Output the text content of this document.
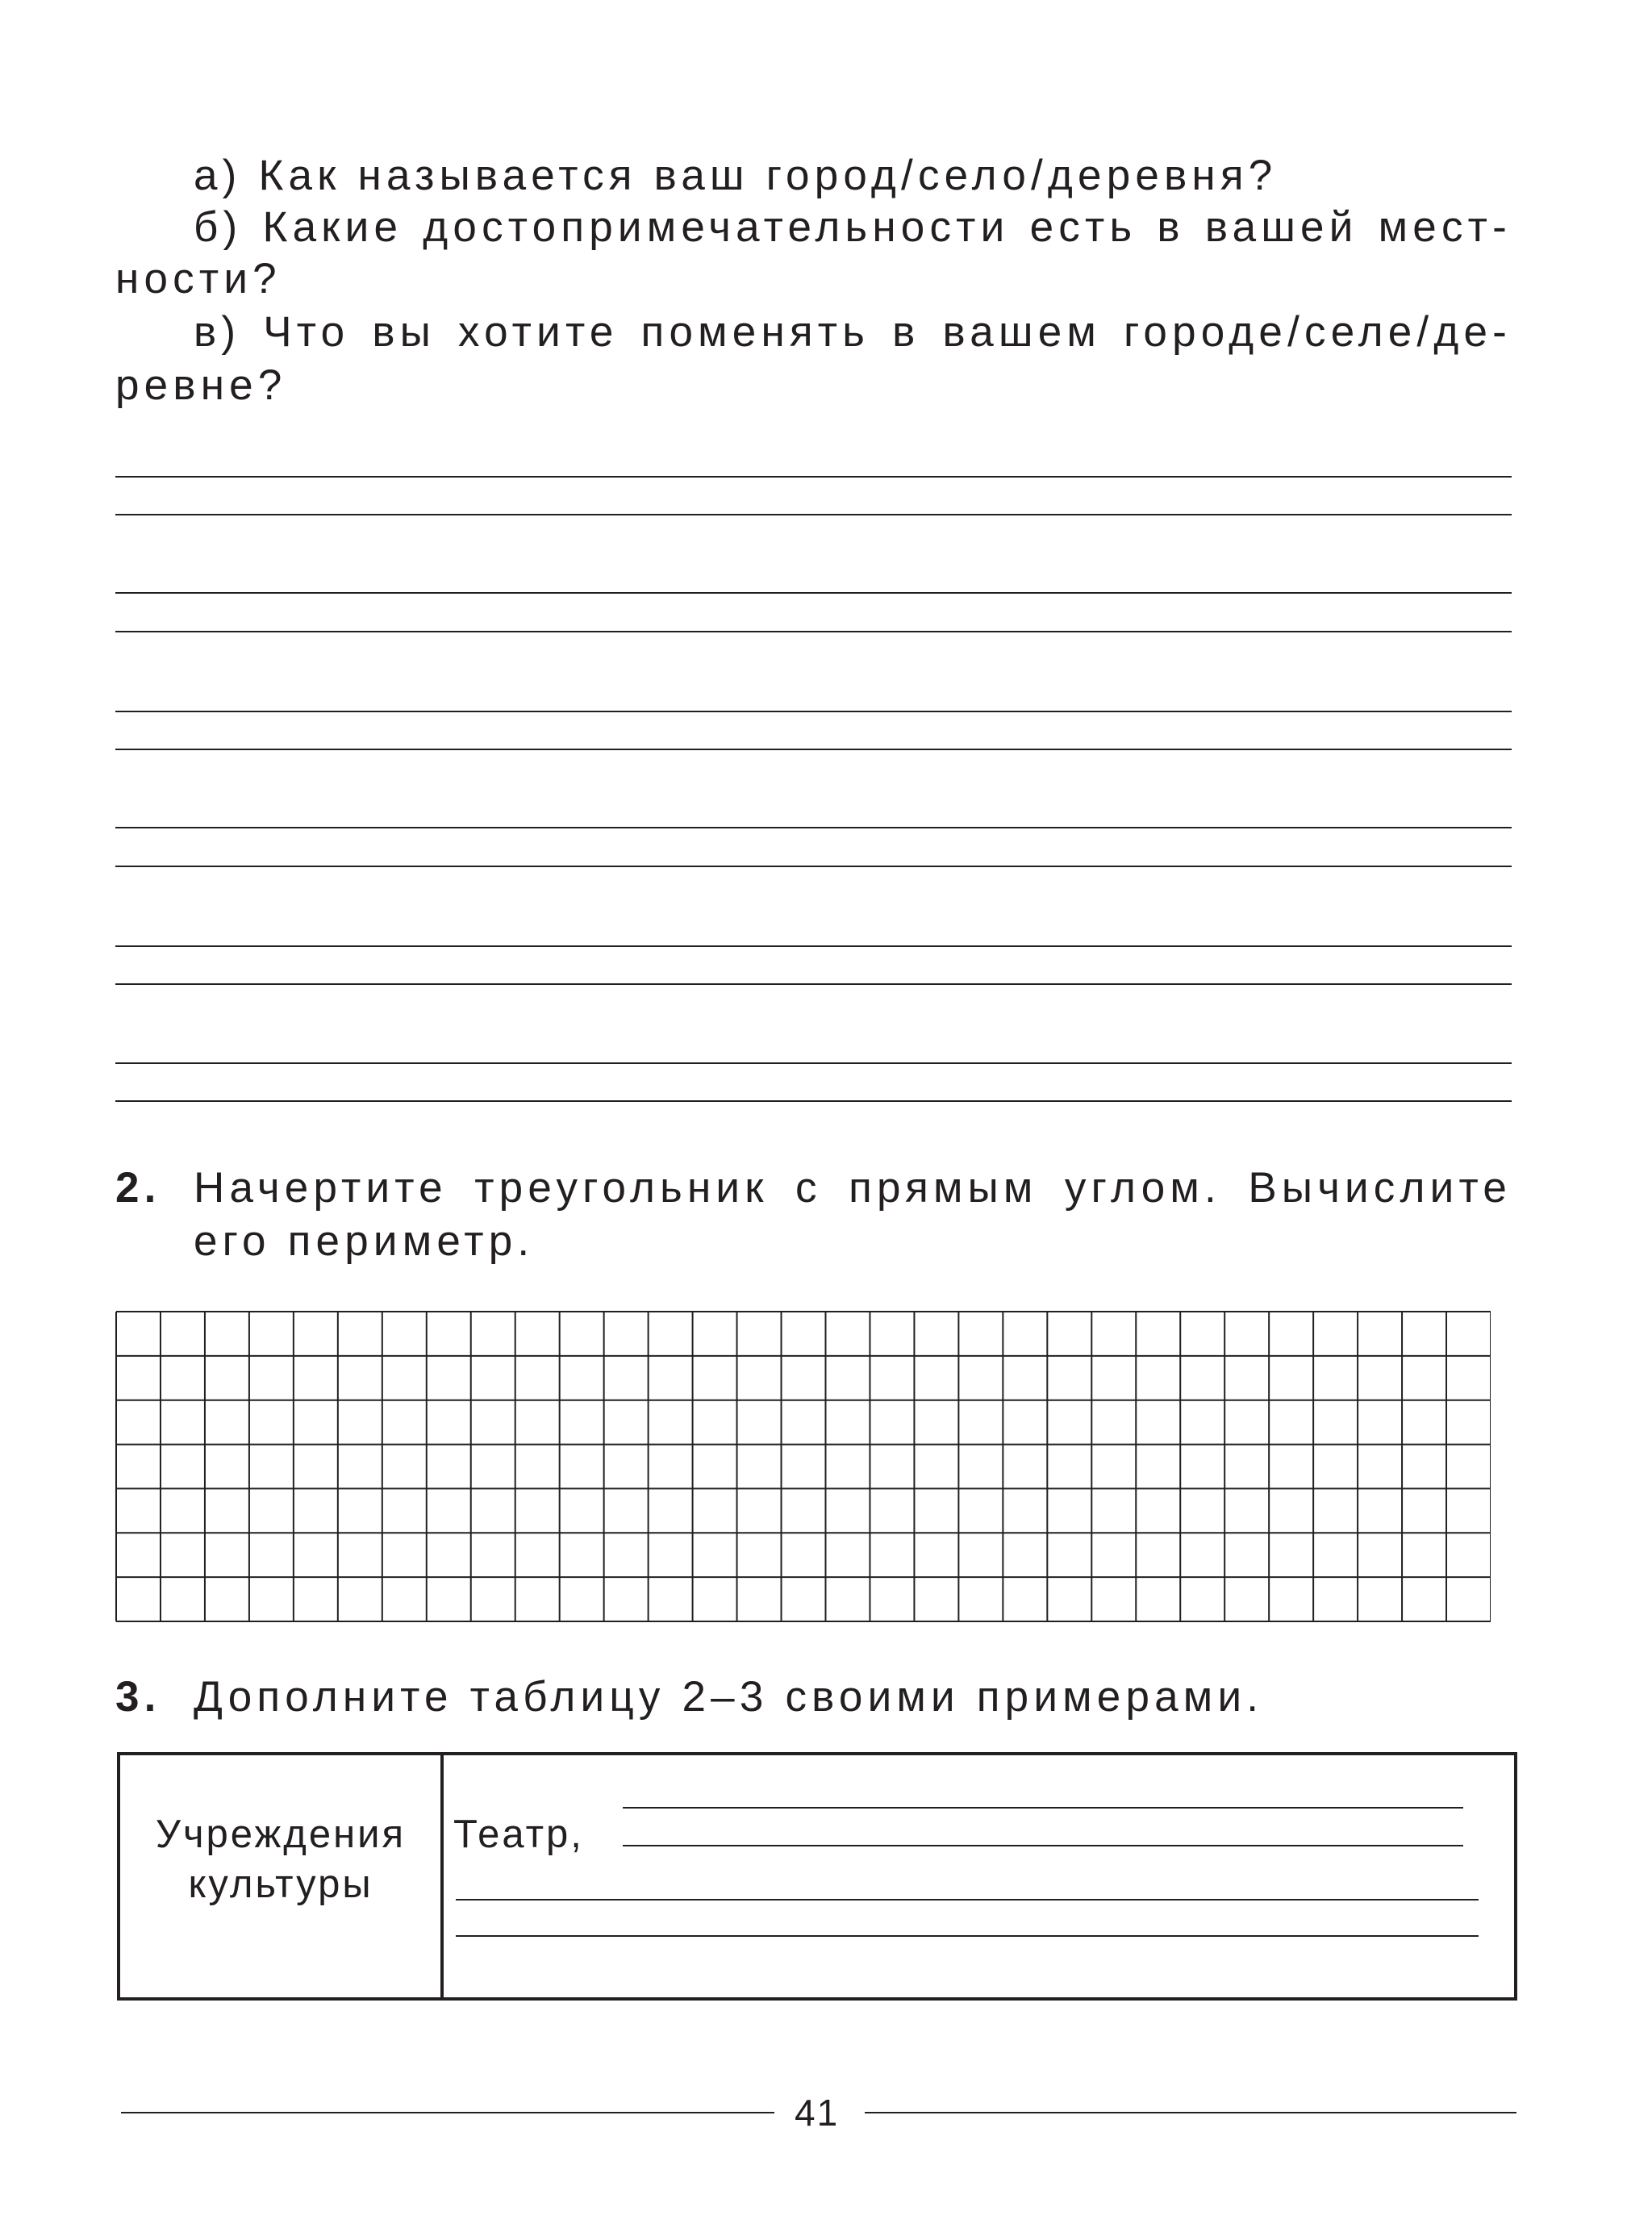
а) Как называется ваш город/село/деревня?
б) Какие достопримечательности есть в вашей мест-
ности?
в) Что вы хотите поменять в вашем городе/селе/де-
ревне?
2. Начертите треугольник с прямым углом. Вычислите
его периметр.
3. Дополните таблицу 2–3 своими примерами.
Учреждения
культуры
Театр,
41
